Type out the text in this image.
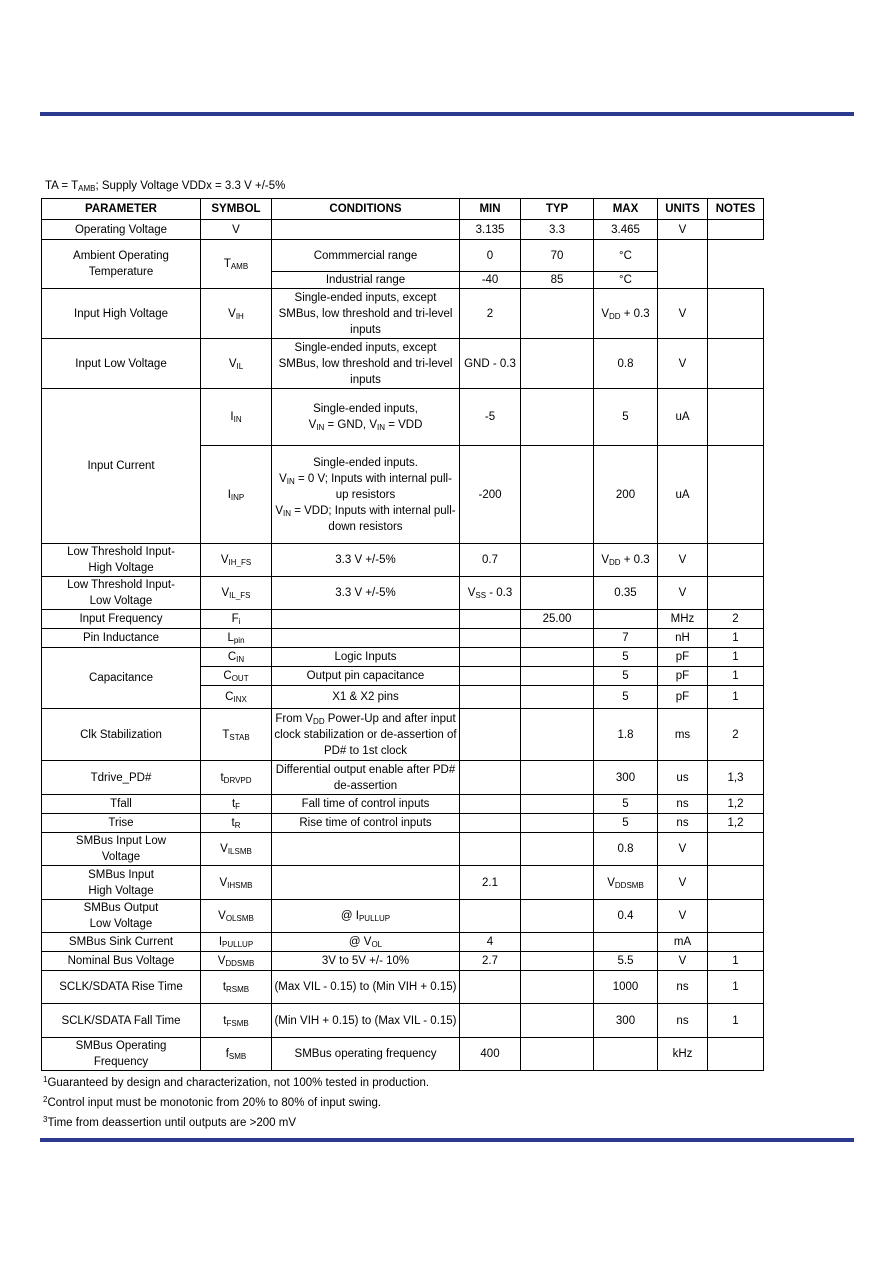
TA = $T_{AMB}$; Supply Voltage VDDx = 3.3 V +/-5%
PARAMETER	SYMBOL	CONDITIONS	MIN	TYP	MAX	UNITS	NOTES
Operating Voltage	V		3.135	3.3	3.465	V	
Ambient Operating Temperature	$T_{AMB}$	Commmercial range	0	70	°C		
		Industrial range	-40	85	°C		
Input High Voltage	$V_{IH}$	Single-ended inputs, except SMBus, low threshold and tri-level inputs	2		$V_{DD} + 0.3$	V	
Input Low Voltage	$V_{IL}$	Single-ended inputs, except SMBus, low threshold and tri-level inputs	GND - 0.3		0.8	V	
Input Current	$I_{IN}$	Single-ended inputs,
$V_{IN}$ = GND, $V_{IN}$ = VDD	-5		5	uA	
	$I_{INP}$	Single-ended inputs.
$V_{IN} = 0$ V; Inputs with internal pull-up resistors
$V_{IN}$ = VDD; Inputs with internal pull-down resistors	-200		200	uA	
Low Threshold Input-
High Voltage	$V_{IH\_FS}$	3.3 V +/-5%	0.7		$V_{DD} + 0.3$	V	
Low Threshold Input-
Low Voltage	$V_{IL\_FS}$	3.3 V +/-5%	$V_{SS} - 0.3$		0.35	V	
Input Frequency	$F_i$			25.00		MHz	2
Pin Inductance	$L_{pin}$				7	nH	1
Capacitance	$C_{IN}$	Logic Inputs			5	pF	1
	$C_{OUT}$	Output pin capacitance			5	pF	1
	$C_{INX}$	X1 & X2 pins			5	pF	1
Clk Stabilization	$T_{STAB}$	From $V_{DD}$ Power-Up and after input clock stabilization or de-assertion of PD# to 1st clock			1.8	ms	2
Tdrive_PD#	$t_{DRVPD}$	Differential output enable after PD# de-assertion			300	us	1,3
Tfall	$t_F$	Fall time of control inputs			5	ns	1,2
Trise	$t_R$	Rise time of control inputs			5	ns	1,2
SMBus Input Low
Voltage	$V_{ILSMB}$				0.8	V	
SMBus Input
High Voltage	$V_{IHSMB}$		2.1		$V_{DDSMB}$	V	
SMBus Output
Low Voltage	$V_{OLSMB}$	@ $I_{PULLUP}$			0.4	V	
SMBus Sink Current	$I_{PULLUP}$	@ $V_{OL}$	4			mA	
Nominal Bus Voltage	$V_{DDSMB}$	3V to 5V +/- 10%	2.7		5.5	V	1
SCLK/SDATA Rise Time	$t_{RSMB}$	(Max VIL - 0.15) to (Min VIH + 0.15)			1000	ns	1
SCLK/SDATA Fall Time	$t_{FSMB}$	(Min VIH + 0.15) to (Max VIL - 0.15)			300	ns	1
SMBus Operating
Frequency	$f_{SMB}$	SMBus operating frequency	400			kHz	
$^1$Guaranteed by design and characterization, not 100% tested in production.
$^2$Control input must be monotonic from 20% to 80% of input swing.
$^3$Time from deassertion until outputs are >200 mV
